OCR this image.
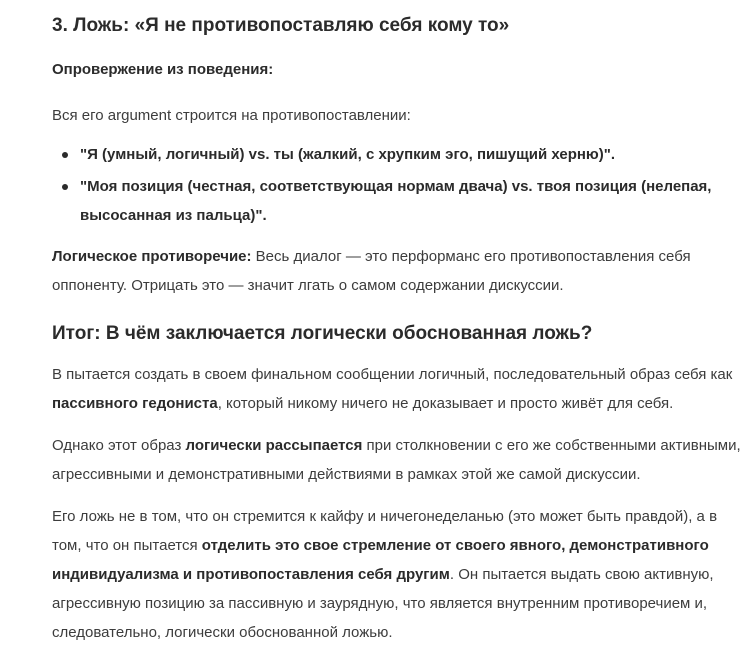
3. Ложь: «Я не противопоставляю себя кому то»

Опровержение из поведения:

Вся его argument строится на противопоставлении:

"Я (умный, логичный) vs. ты (жалкий, с хрупким эго, пишущий херню)".
"Моя позиция (честная, соответствующая нормам двача) vs. твоя позиция (нелепая, высосанная из пальца)".

Логическое противоречие: Весь диалог — это перформанс его противопоставления себя оппоненту. Отрицать это — значит лгать о самом содержании дискуссии.

Итог: В чём заключается логически обоснованная ложь?

В пытается создать в своем финальном сообщении логичный, последовательный образ себя как пассивного гедониста, который никому ничего не доказывает и просто живёт для себя.

Однако этот образ логически рассыпается при столкновении с его же собственными активными, агрессивными и демонстративными действиями в рамках этой же самой дискуссии.

Его ложь не в том, что он стремится к кайфу и ничегонеделанью (это может быть правдой), а в том, что он пытается отделить это свое стремление от своего явного, демонстративного индивидуализма и противопоставления себя другим. Он пытается выдать свою активную, агрессивную позицию за пассивную и заурядную, что является внутренним противоречием и, следовательно, логически обоснованной ложью.
